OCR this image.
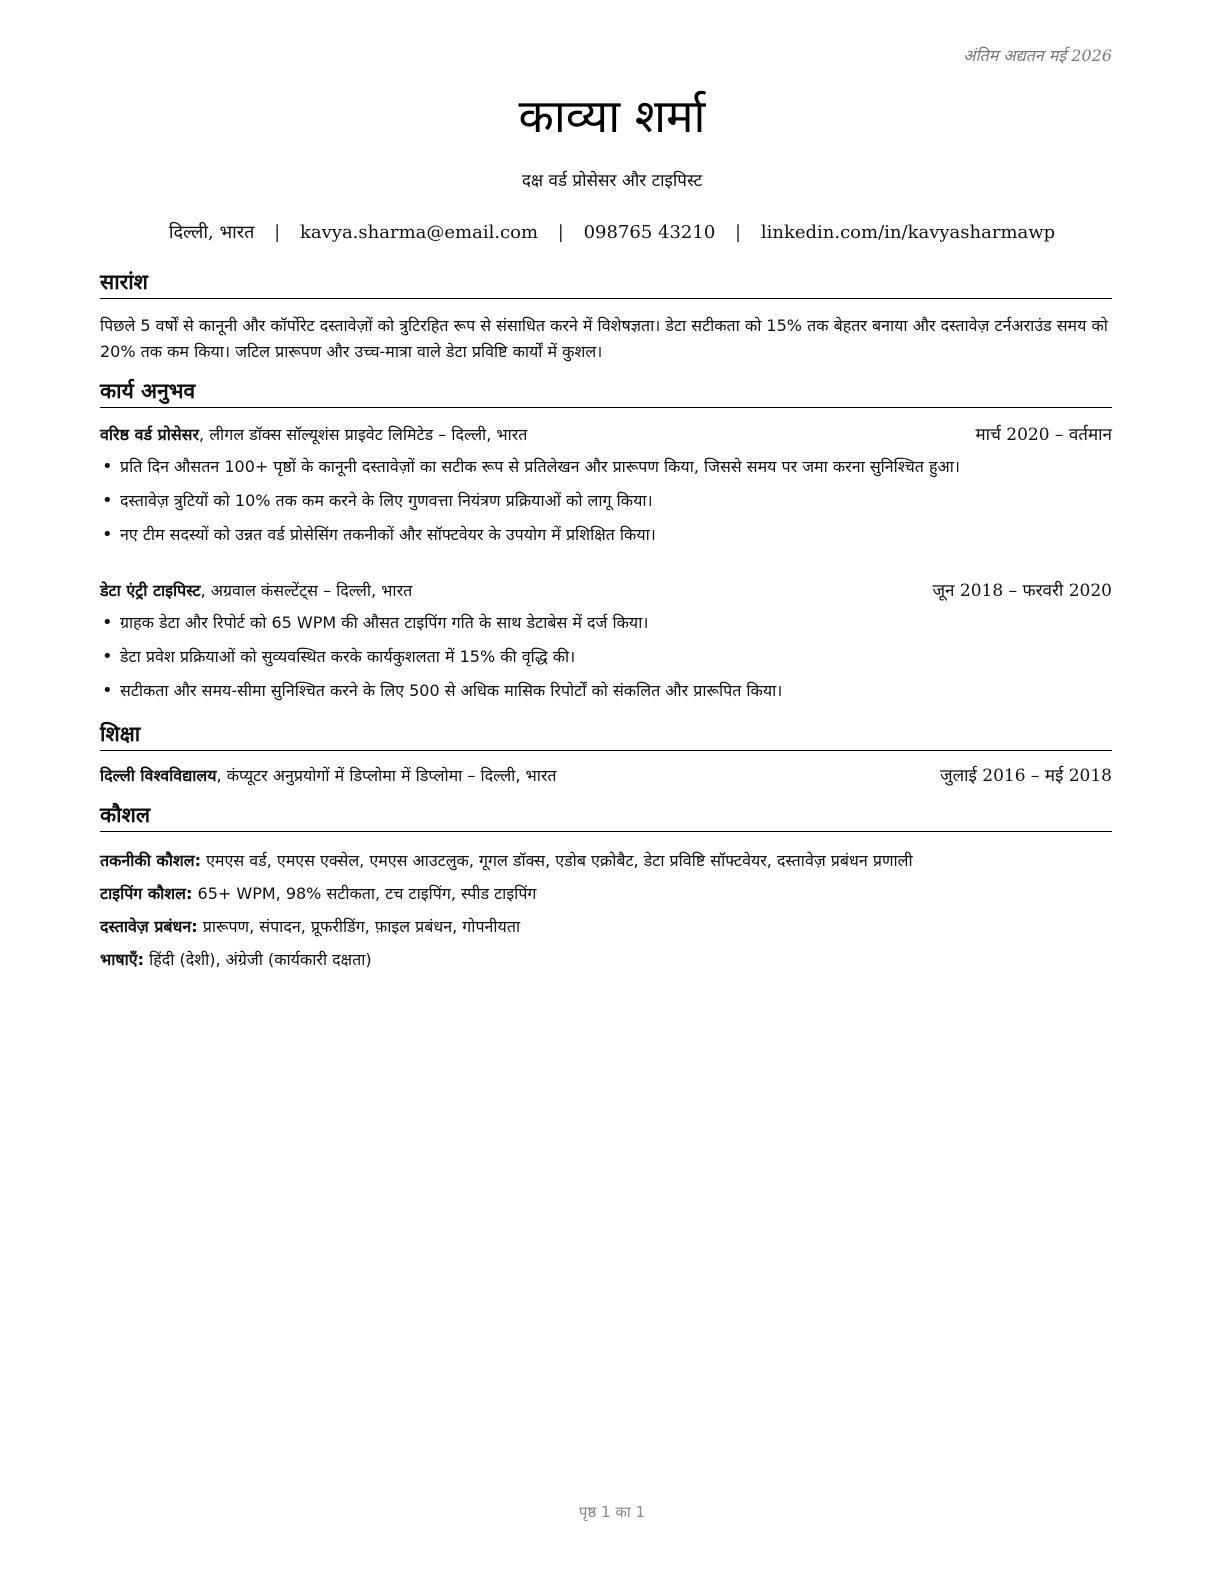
अंतिम अद्यतन मई 2026
काव्या शर्मा
दक्ष वर्ड प्रोसेसर और टाइपिस्ट
दिल्ली, भारत | kavya.sharma@email.com | 098765 43210 | linkedin.com/in/kavyasharmawp
सारांश

पिछले 5 वर्षों से कानूनी और कॉर्पोरेट दस्तावेज़ों को त्रुटिरहित रूप से संसाधित करने में विशेषज्ञता। डेटा सटीकता को 15% तक बेहतर बनाया और दस्तावेज़ टर्नअराउंड समय को 20% तक कम किया। जटिल प्रारूपण और उच्च-मात्रा वाले डेटा प्रविष्टि कार्यों में कुशल।

कार्य अनुभव
वरिष्ठ वर्ड प्रोसेसर, लीगल डॉक्स सॉल्यूशंस प्राइवेट लिमिटेड – दिल्ली, भारत	मार्च 2020 – वर्तमान
• प्रति दिन औसतन 100+ पृष्ठों के कानूनी दस्तावेज़ों का सटीक रूप से प्रतिलेखन और प्रारूपण किया, जिससे समय पर जमा करना सुनिश्चित हुआ।
• दस्तावेज़ त्रुटियों को 10% तक कम करने के लिए गुणवत्ता नियंत्रण प्रक्रियाओं को लागू किया।
• नए टीम सदस्यों को उन्नत वर्ड प्रोसेसिंग तकनीकों और सॉफ्टवेयर के उपयोग में प्रशिक्षित किया।
डेटा एंट्री टाइपिस्ट, अग्रवाल कंसल्टेंट्स – दिल्ली, भारत	जून 2018 – फरवरी 2020
• ग्राहक डेटा और रिपोर्ट को 65 WPM की औसत टाइपिंग गति के साथ डेटाबेस में दर्ज किया।
• डेटा प्रवेश प्रक्रियाओं को सुव्यवस्थित करके कार्यकुशलता में 15% की वृद्धि की।
• सटीकता और समय-सीमा सुनिश्चित करने के लिए 500 से अधिक मासिक रिपोर्टों को संकलित और प्रारूपित किया।
शिक्षा
दिल्ली विश्वविद्यालय, कंप्यूटर अनुप्रयोगों में डिप्लोमा में डिप्लोमा – दिल्ली, भारत	जुलाई 2016 – मई 2018
कौशल
तकनीकी कौशल: एमएस वर्ड, एमएस एक्सेल, एमएस आउटलुक, गूगल डॉक्स, एडोब एक्रोबैट, डेटा प्रविष्टि सॉफ्टवेयर, दस्तावेज़ प्रबंधन प्रणाली
टाइपिंग कौशल: 65+ WPM, 98% सटीकता, टच टाइपिंग, स्पीड टाइपिंग
दस्तावेज़ प्रबंधन: प्रारूपण, संपादन, प्रूफरीडिंग, फ़ाइल प्रबंधन, गोपनीयता
भाषाएँ: हिंदी (देशी), अंग्रेजी (कार्यकारी दक्षता)
पृष्ठ 1 का 1
